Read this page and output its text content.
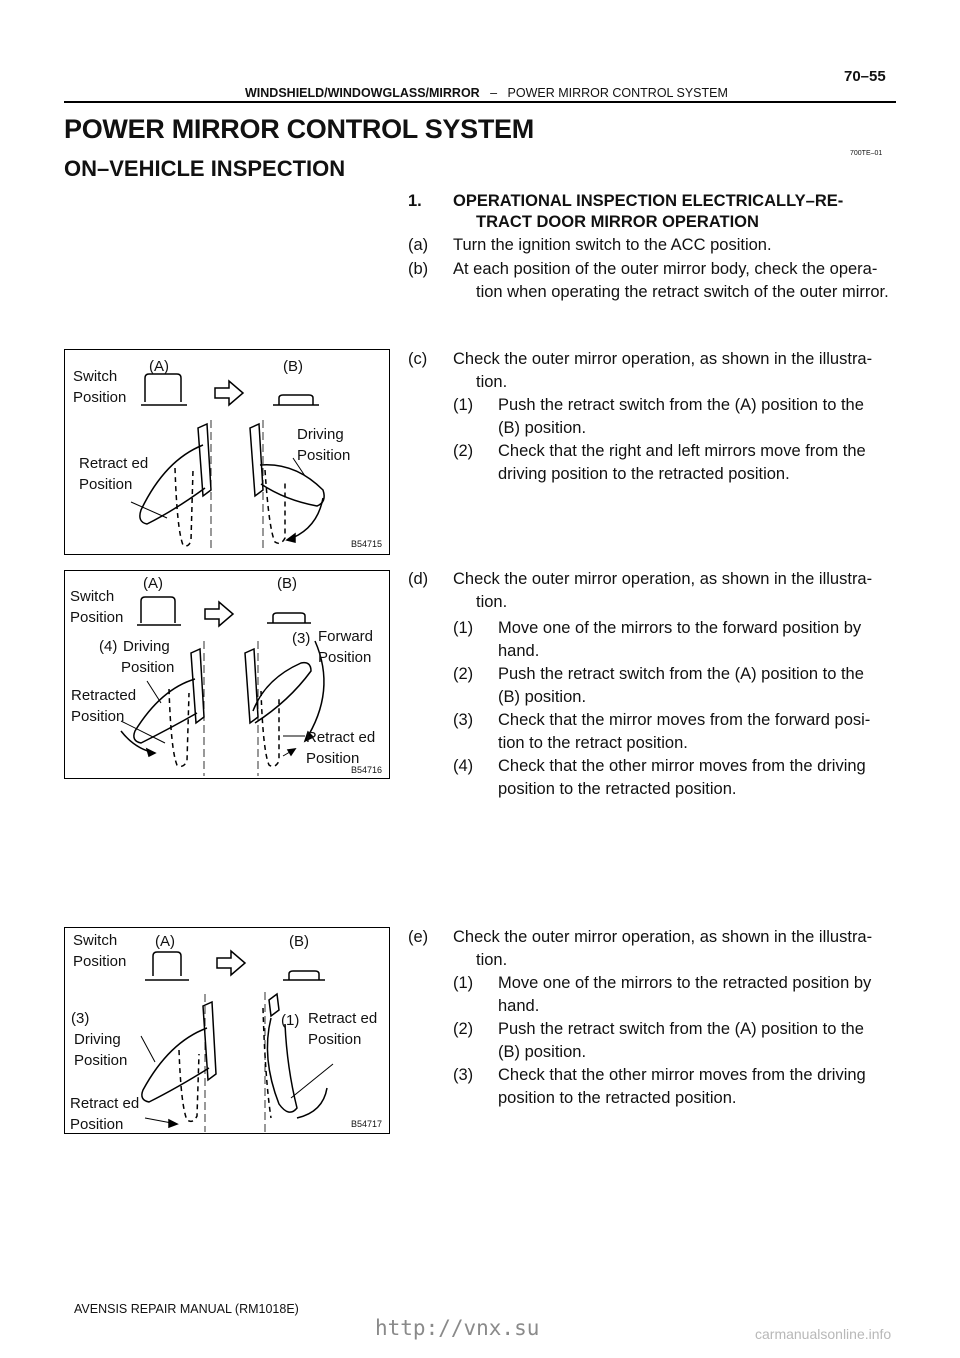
70–55
WINDSHIELD/WINDOWGLASS/MIRROR – POWER MIRROR CONTROL SYSTEM
POWER MIRROR CONTROL SYSTEM
ON–VEHICLE INSPECTION
700TE–01
1. OPERATIONAL INSPECTION ELECTRICALLY–RE-
TRACT DOOR MIRROR OPERATION
(a) Turn the ignition switch to the ACC position.
(b) At each position of the outer mirror body, check the opera-
tion when operating the retract switch of the outer mirror.
(c) Check the outer mirror operation, as shown in the illustra-
tion.
(1) Push the retract switch from the (A) position to the
(B) position.
(2) Check that the right and left mirrors move from the
driving position to the retracted position.
(d) Check the outer mirror operation, as shown in the illustra-
tion.
(1) Move one of the mirrors to the forward position by
hand.
(2) Push the retract switch from the (A) position to the
(B) position.
(3) Check that the mirror moves from the forward posi-
tion to the retract position.
(4) Check that the other mirror moves from the driving
position to the retracted position.
(e) Check the outer mirror operation, as shown in the illustra-
tion.
(1) Move one of the mirrors to the retracted position by
hand.
(2) Push the retract switch from the (A) position to the
(B) position.
(3) Check that the other mirror moves from the driving
position to the retracted position.
Switch
Position
(A)	(B)
Retract ed
Position
Driving
Position
B54715
Switch
Position
(A)	(B)
(4) Driving
Position
Retracted
Position
(3) Forward
Position
Retract ed
Position
B54716
Switch
Position
(A)	(B)
(3)
Driving
Position
Retract ed
Position
(1) Retract ed
Position
B54717
AVENSIS REPAIR MANUAL (RM1018E)
http://vnx.su	carmanualsonline.info
